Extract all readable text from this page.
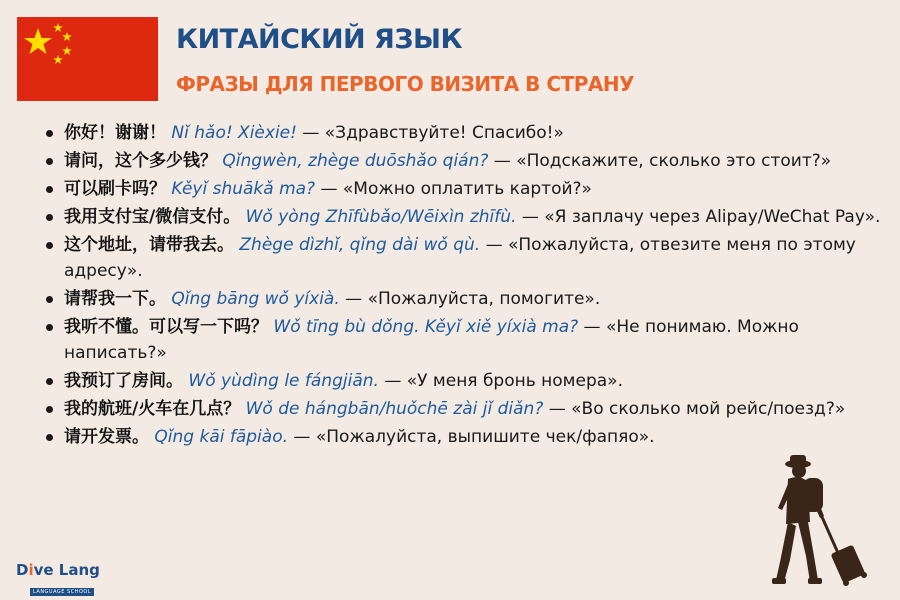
КИТАЙСКИЙ ЯЗЫК
ФРАЗЫ ДЛЯ ПЕРВОГО ВИЗИТА В СТРАНУ
你好！谢谢！ Nǐ hǎo! Xièxie! — «Здравствуйте! Спасибо!»
请问，这个多少钱？ Qǐngwèn, zhège duōshǎo qián? — «Подскажите, сколько это стоит?»
可以刷卡吗？ Kěyǐ shuākǎ ma? — «Можно оплатить картой?»
我用支付宝/微信支付。 Wǒ yòng Zhīfùbǎo/Wēixìn zhīfù. — «Я заплачу через Alipay/WeChat Pay».
这个地址，请带我去。 Zhège dìzhǐ, qǐng dài wǒ qù. — «Пожалуйста, отвезите меня по этому адресу».
请帮我一下。 Qǐng bāng wǒ yíxià. — «Пожалуйста, помогите».
我听不懂。可以写一下吗？ Wǒ tīng bù dǒng. Kěyǐ xiě yíxià ma? — «Не понимаю. Можно написать?»
我预订了房间。 Wǒ yùdìng le fángjiān. — «У меня бронь номера».
我的航班/火车在几点？ Wǒ de hángbān/huǒchē zài jǐ diǎn? — «Во сколько мой рейс/поезд?»
请开发票。 Qǐng kāi fāpiào. — «Пожалуйста, выпишите чек/фапяо».
Dive Lang
LANGUAGE SCHOOL
